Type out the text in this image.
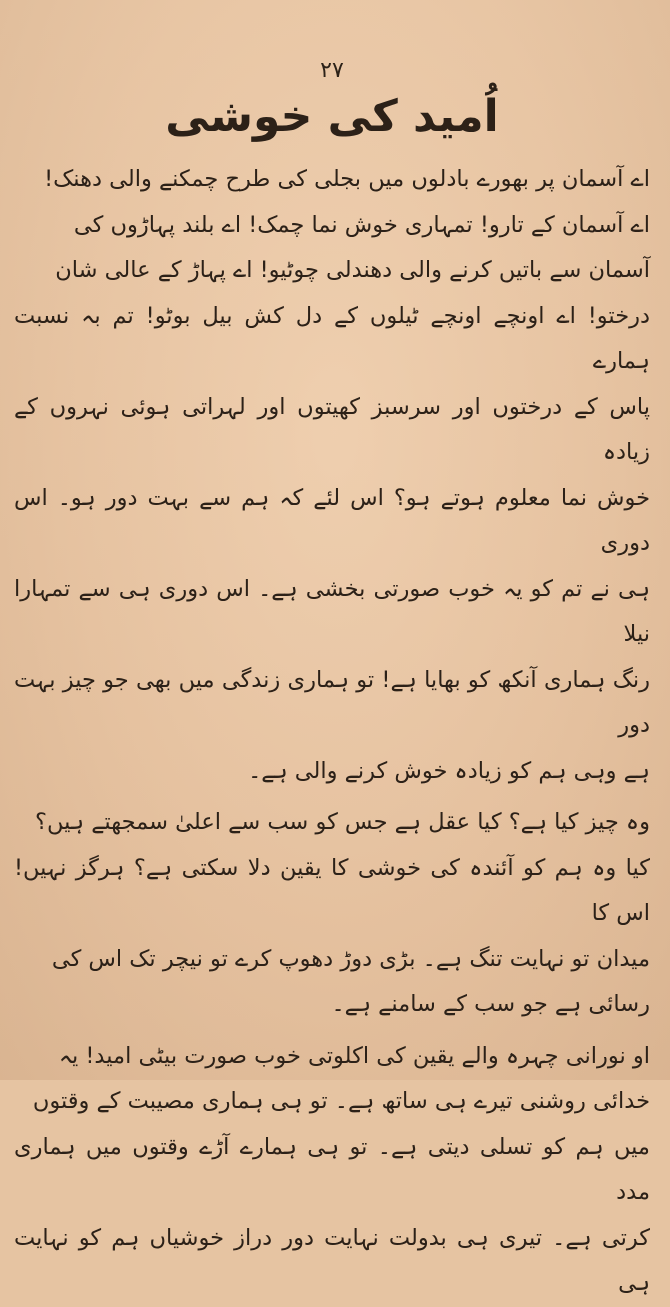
۲۷
اُمید کی خوشی

اے آسمان پر بھورے بادلوں میں بجلی کی طرح چمکنے والی دھنک!
اے آسمان کے تارو! تمہاری خوش نما چمک! اے بلند پہاڑوں کی
آسمان سے باتیں کرنے والی دھندلی چوٹیو! اے پہاڑ کے عالی شان
درختو! اے اونچے اونچے ٹیلوں کے دل کش بیل بوٹو! تم بہ نسبت ہمارے
پاس کے درختوں اور سرسبز کھیتوں اور لہراتی ہوئی نہروں کے زیادہ
خوش نما معلوم ہوتے ہو؟ اس لئے کہ ہم سے بہت دور ہو۔ اس دوری
ہی نے تم کو یہ خوب صورتی بخشی ہے۔ اس دوری ہی سے تمہارا نیلا
رنگ ہماری آنکھ کو بھایا ہے! تو ہماری زندگی میں بھی جو چیز بہت دور
ہے وہی ہم کو زیادہ خوش کرنے والی ہے۔

وہ چیز کیا ہے؟ کیا عقل ہے جس کو سب سے اعلیٰ سمجھتے ہیں؟
کیا وہ ہم کو آئندہ کی خوشی کا یقین دلا سکتی ہے؟ ہرگز نہیں! اس کا
میدان تو نہایت تنگ ہے۔ بڑی دوڑ دھوپ کرے تو نیچر تک اس کی
رسائی ہے جو سب کے سامنے ہے۔

او نورانی چہرہ والے یقین کی اکلوتی خوب صورت بیٹی امید! یہ
خدائی روشنی تیرے ہی ساتھ ہے۔ تو ہی ہماری مصیبت کے وقتوں
میں ہم کو تسلی دیتی ہے۔ تو ہی ہمارے آڑے وقتوں میں ہماری مدد
کرتی ہے۔ تیری ہی بدولت نہایت دور دراز خوشیاں ہم کو نہایت ہی
